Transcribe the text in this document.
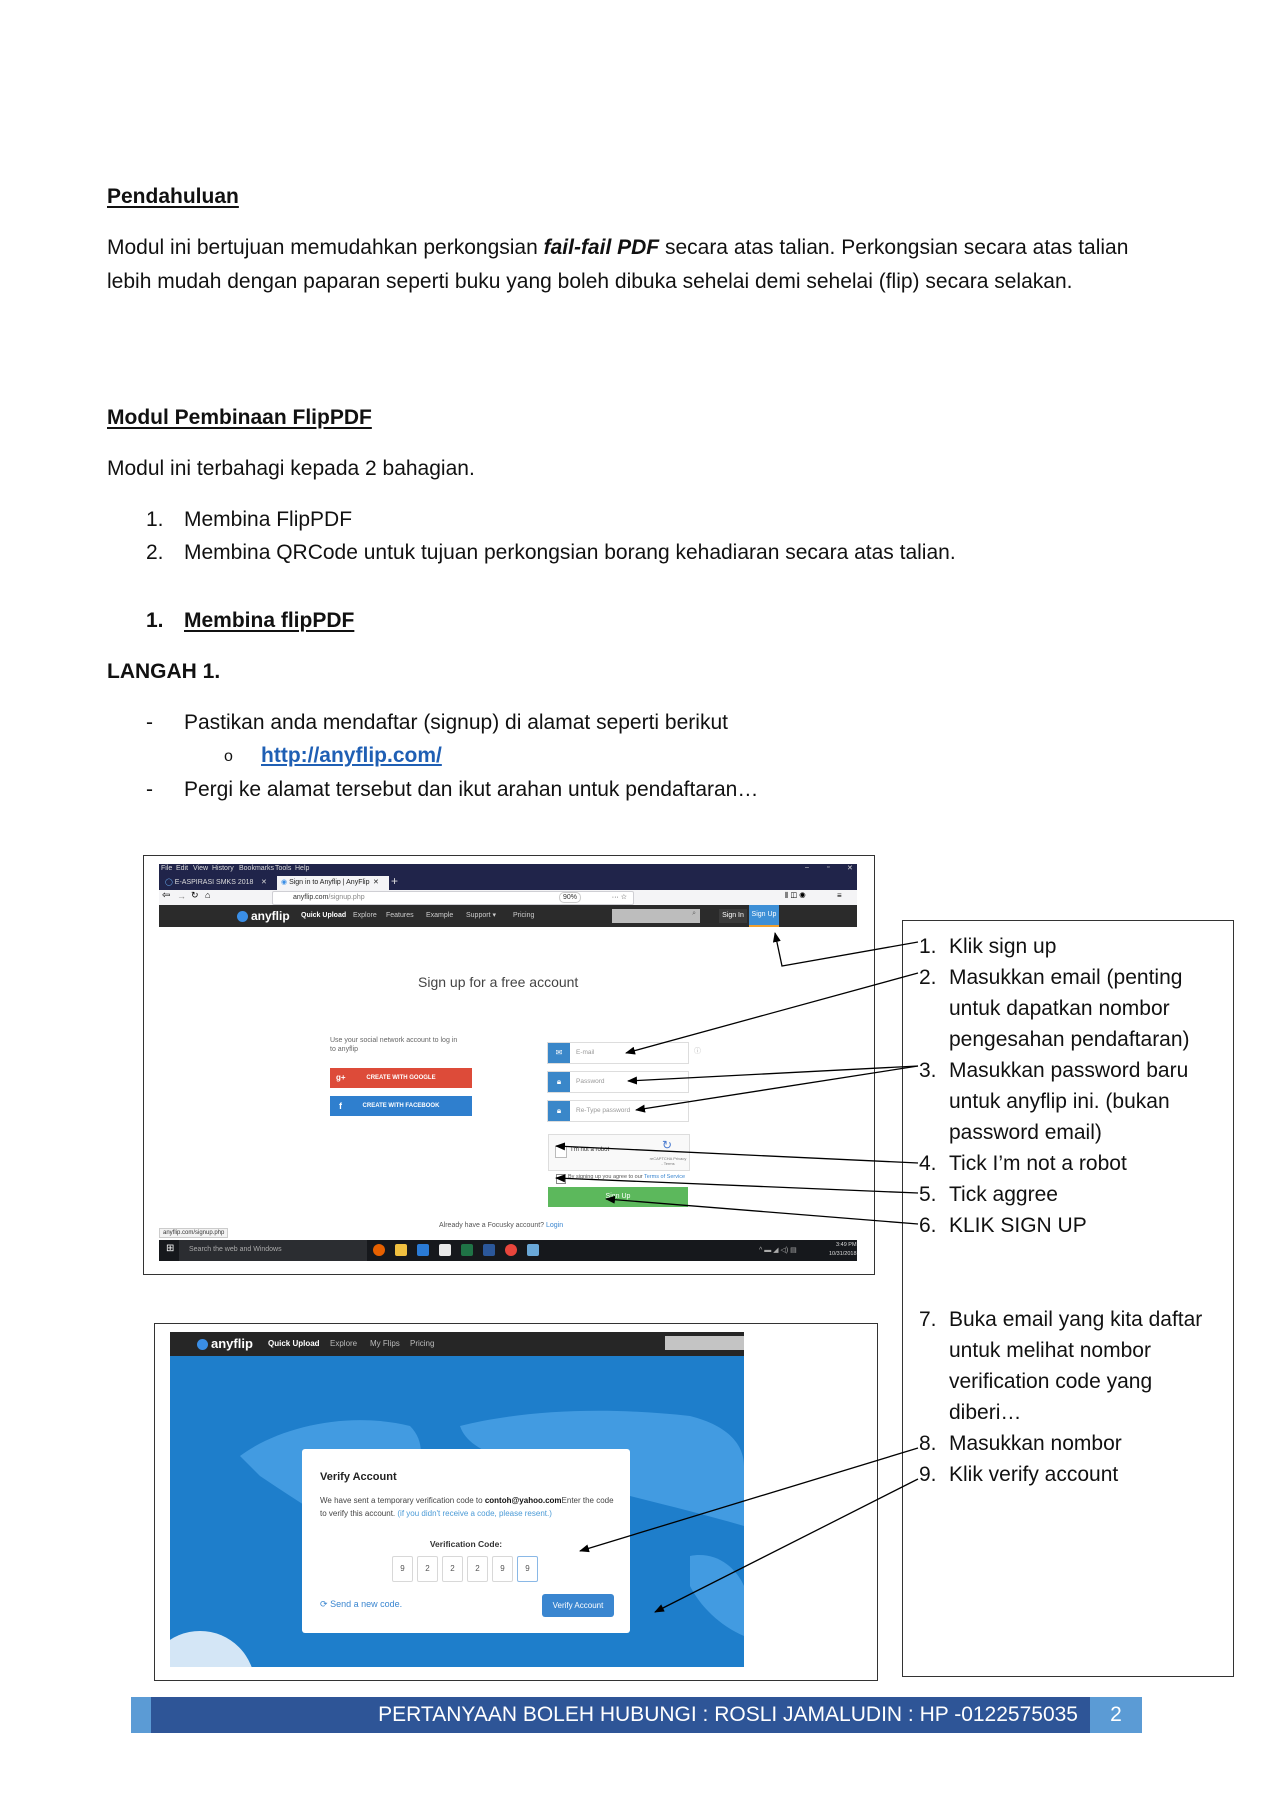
Pendahuluan
Modul ini bertujuan memudahkan perkongsian fail-fail PDF secara atas talian. Perkongsian secara atas talian lebih mudah dengan paparan seperti buku yang boleh dibuka sehelai demi sehelai (flip) secara selakan.
Modul Pembinaan FlipPDF
Modul ini terbahagi kepada 2 bahagian.
1. Membina FlipPDF
2. Membina QRCode untuk tujuan perkongsian borang kehadiaran secara atas talian.
1. Membina flipPDF
LANGAH 1.
- Pastikan anda mendaftar (signup) di alamat seperti berikut
o http://anyflip.com/
- Pergi ke alamat tersebut dan ikut arahan untuk pendaftaran…
File Edit View History Bookmarks Tools Help	–	▫	✕
◯ E-ASPIRASI SMKS 2018 ✕	◉ Sign in to Anyflip | AnyFlip ✕ +
⇦ → ↻ ⌂	anyflip.com/signup.php	90%	··· ☆	⫴ ◫ ◉	≡
anyflip Quick Upload Explore Features Example Support ▾ Pricing	⌕	Sign In	Sign Up
Sign up for a free account
Use your social network account to log in to anyflip
g+	CREATE WITH GOOGLE
f	CREATE WITH FACEBOOK
✉	E-mail	ⓘ
🔒︎	Password
🔒︎	Re-Type password
I'm not a robot	↻
reCAPTCHA Privacy - Terms
By signing up you agree to our Terms of Service
Sign Up
Already have a Focusky account? Login
anyflip.com/signup.php
⊞ Search the web and Windows	^ ▬ ◢ ◁) ▤
3:49 PM
10/31/2018
anyflip Quick Upload Explore My Flips Pricing
Verify Account
We have sent a temporary verification code to contoh@yahoo.comEnter the code to verify this account. (if you didn't receive a code, please resent.)
Verification Code:
9	2	2	2	9	9
⟳ Send a new code.	Verify Account
1. Klik sign up
2. Masukkan email (penting untuk dapatkan nombor pengesahan pendaftaran)
3. Masukkan password baru untuk anyflip ini. (bukan password email)
4. Tick I’m not a robot
5. Tick aggree
6. KLIK SIGN UP
7. Buka email yang kita daftar untuk melihat nombor verification code yang diberi…
8. Masukkan nombor
9. Klik verify account
PERTANYAAN BOLEH HUBUNGI : ROSLI JAMALUDIN : HP -0122575035	2
